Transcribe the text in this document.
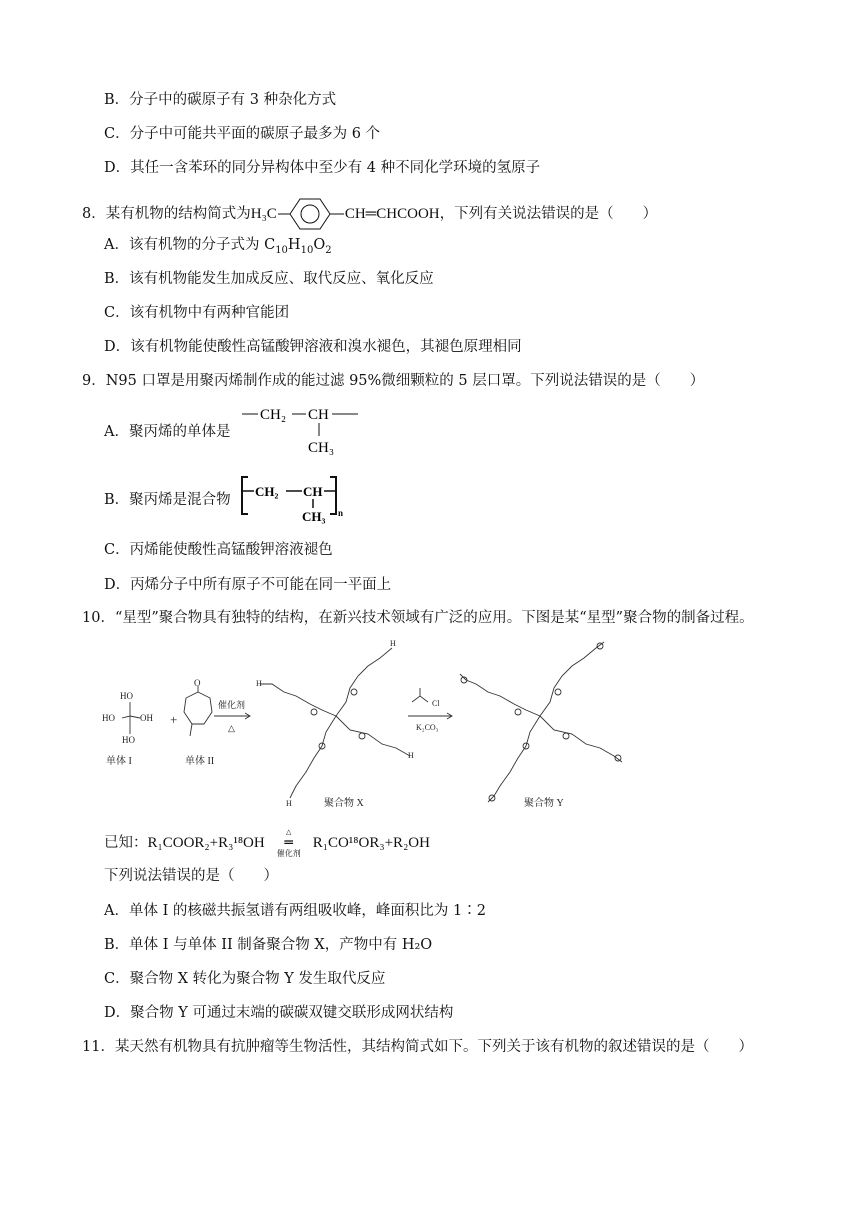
B．分子中的碳原子有 3 种杂化方式
C．分子中可能共平面的碳原子最多为 6 个
D．其任一含苯环的同分异构体中至少有 4 种不同化学环境的氢原子
8．某有机物的结构简式为 H₃C	CH═CHCOOH ，下列有关说法错误的是（　　）
A．该有机物的分子式为 $C_{10}H_{10}O_2$
B．该有机物能发生加成反应、取代反应、氧化反应
C．该有机物中有两种官能团
D．该有机物能使酸性高锰酸钾溶液和溴水褪色，其褪色原理相同
9．N95 口罩是用聚丙烯制作成的能过滤 95%微细颗粒的 5 层口罩。下列说法错误的是（　　）
A．聚丙烯的单体是
CH₂ CH
CH₃
B．聚丙烯是混合物
CH₂ CH
CH₃ n
C．丙烯能使酸性高锰酸钾溶液褪色
D．丙烯分子中所有原子不可能在同一平面上
10．“星型”聚合物具有独特的结构，在新兴技术领域有广泛的应用。下图是某“星型”聚合物的制备过程。
HO
HO	OH
HO
单体 I
+
O
单体 II
催化剂
△
H
H
H
H	聚合物 X
Cl
K₂CO₃
聚合物 Y
已知： R₁COOR₂+R₃¹⁸OH
△
═
催化剂
R₁CO¹⁸OR₃+R₂OH
下列说法错误的是（　　）
A．单体 I 的核磁共振氢谱有两组吸收峰，峰面积比为 1∶2
B．单体 I 与单体 II 制备聚合物 X，产物中有 H₂O
C．聚合物 X 转化为聚合物 Y 发生取代反应
D．聚合物 Y 可通过末端的碳碳双键交联形成网状结构
11．某天然有机物具有抗肿瘤等生物活性，其结构简式如下。下列关于该有机物的叙述错误的是（　　）
